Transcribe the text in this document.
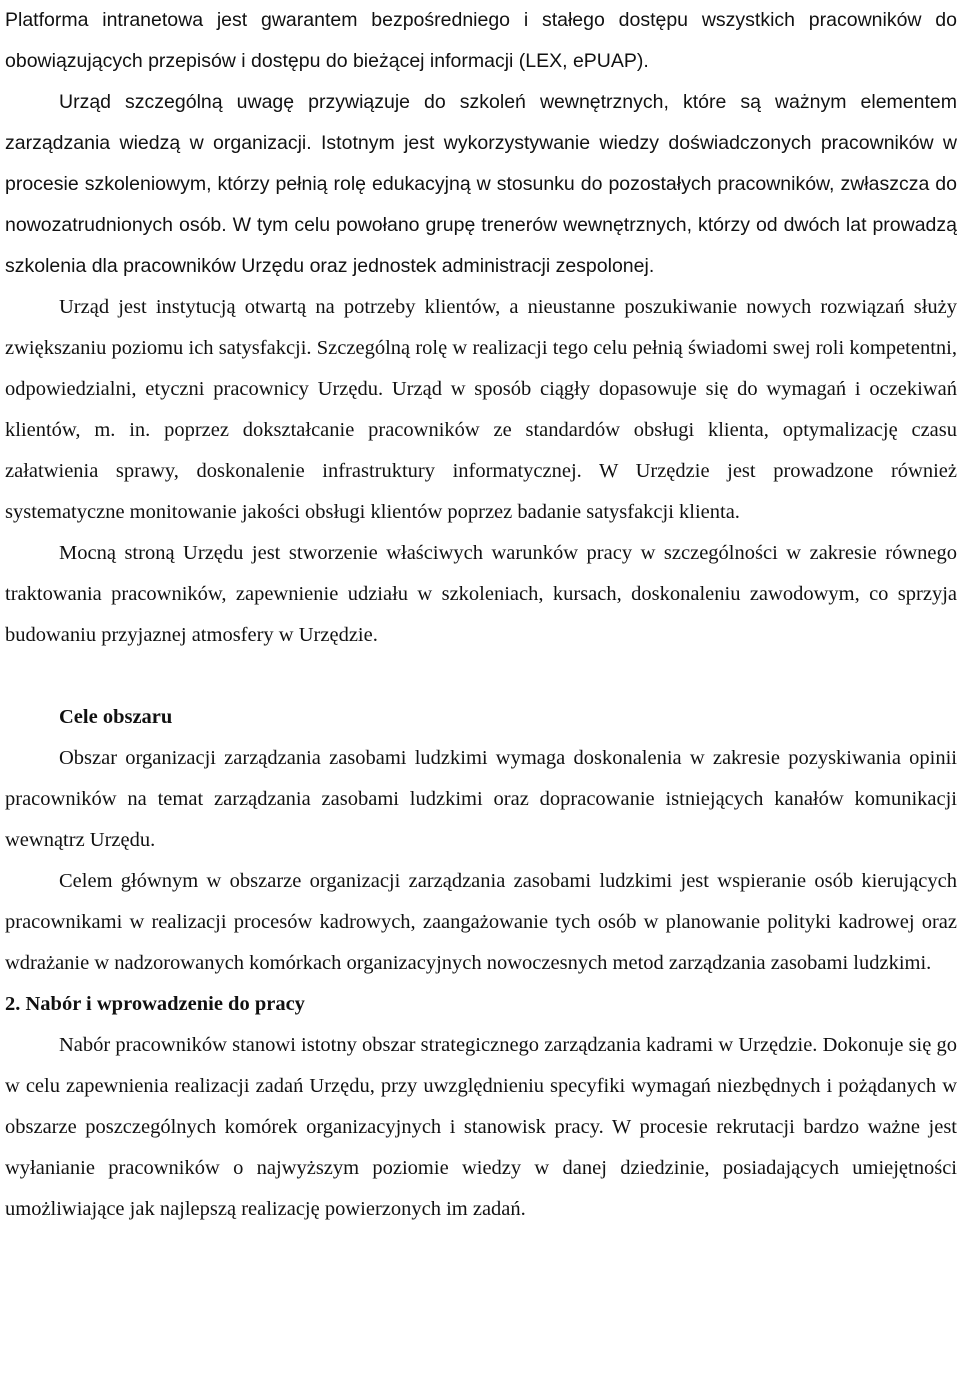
Platforma intranetowa jest gwarantem bezpośredniego i stałego dostępu wszystkich pracowników do obowiązujących przepisów i dostępu do bieżącej informacji (LEX, ePUAP).

Urząd szczególną uwagę przywiązuje do szkoleń wewnętrznych, które są ważnym elementem zarządzania wiedzą w organizacji. Istotnym jest wykorzystywanie wiedzy doświadczonych pracowników w procesie szkoleniowym, którzy pełnią rolę edukacyjną w stosunku do pozostałych pracowników, zwłaszcza do nowozatrudnionych osób. W tym celu powołano grupę trenerów wewnętrznych, którzy od dwóch lat prowadzą szkolenia dla pracowników Urzędu oraz jednostek administracji zespolonej.

Urząd jest instytucją otwartą na potrzeby klientów, a nieustanne poszukiwanie nowych rozwiązań służy zwiększaniu poziomu ich satysfakcji. Szczególną rolę w realizacji tego celu pełnią świadomi swej roli kompetentni, odpowiedzialni, etyczni pracownicy Urzędu. Urząd w sposób ciągły dopasowuje się do wymagań i oczekiwań klientów, m. in. poprzez dokształcanie pracowników ze standardów obsługi klienta, optymalizację czasu załatwienia sprawy, doskonalenie infrastruktury informatycznej. W Urzędzie jest prowadzone również systematyczne monitowanie jakości obsługi klientów poprzez badanie satysfakcji klienta.

Mocną stroną Urzędu jest stworzenie właściwych warunków pracy w szczególności w zakresie równego traktowania pracowników, zapewnienie udziału w szkoleniach, kursach, doskonaleniu zawodowym, co sprzyja budowaniu przyjaznej atmosfery w Urzędzie.

Cele obszaru

Obszar organizacji zarządzania zasobami ludzkimi wymaga doskonalenia w zakresie pozyskiwania opinii pracowników na temat zarządzania zasobami ludzkimi oraz dopracowanie istniejących kanałów komunikacji wewnątrz Urzędu.

Celem głównym w obszarze organizacji zarządzania zasobami ludzkimi jest wspieranie osób kierujących pracownikami w realizacji procesów kadrowych, zaangażowanie tych osób w planowanie polityki kadrowej oraz wdrażanie w nadzorowanych komórkach organizacyjnych nowoczesnych metod zarządzania zasobami ludzkimi.

2. Nabór i wprowadzenie do pracy

Nabór pracowników stanowi istotny obszar strategicznego zarządzania kadrami w Urzędzie. Dokonuje się go w celu zapewnienia realizacji zadań Urzędu, przy uwzględnieniu specyfiki wymagań niezbędnych i pożądanych w obszarze poszczególnych komórek organizacyjnych i stanowisk pracy. W procesie rekrutacji bardzo ważne jest wyłanianie pracowników o najwyższym poziomie wiedzy w danej dziedzinie, posiadających umiejętności umożliwiające jak najlepszą realizację powierzonych im zadań.
